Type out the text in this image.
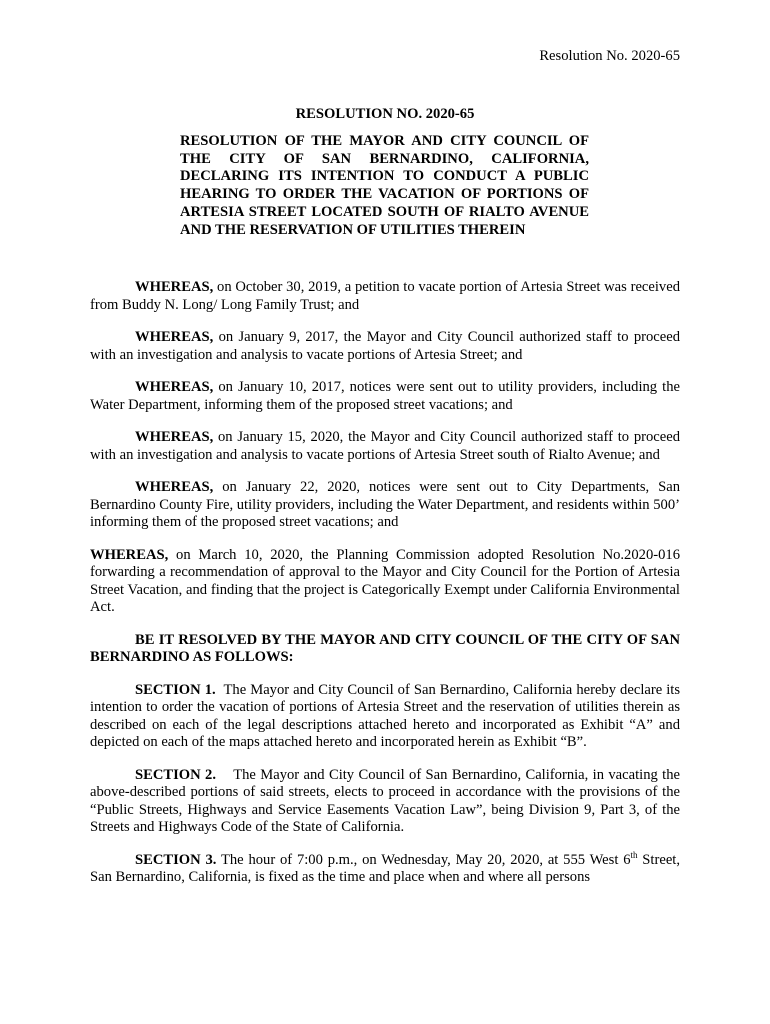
Resolution No. 2020-65
RESOLUTION NO. 2020-65
RESOLUTION OF THE MAYOR AND CITY COUNCIL OF THE CITY OF SAN BERNARDINO, CALIFORNIA, DECLARING ITS INTENTION TO CONDUCT A PUBLIC HEARING TO ORDER THE VACATION OF PORTIONS OF ARTESIA STREET LOCATED SOUTH OF RIALTO AVENUE AND THE RESERVATION OF UTILITIES THEREIN

WHEREAS, on October 30, 2019, a petition to vacate portion of Artesia Street was received from Buddy N. Long/ Long Family Trust; and

WHEREAS, on January 9, 2017, the Mayor and City Council authorized staff to proceed with an investigation and analysis to vacate portions of Artesia Street; and

WHEREAS, on January 10, 2017, notices were sent out to utility providers, including the Water Department, informing them of the proposed street vacations; and

WHEREAS, on January 15, 2020, the Mayor and City Council authorized staff to proceed with an investigation and analysis to vacate portions of Artesia Street south of Rialto Avenue; and

WHEREAS, on January 22, 2020, notices were sent out to City Departments, San Bernardino County Fire, utility providers, including the Water Department, and residents within 500’ informing them of the proposed street vacations; and

WHEREAS, on March 10, 2020, the Planning Commission adopted Resolution No.2020-016 forwarding a recommendation of approval to the Mayor and City Council for the Portion of Artesia Street Vacation, and finding that the project is Categorically Exempt under California Environmental Act.

BE IT RESOLVED BY THE MAYOR AND CITY COUNCIL OF THE CITY OF SAN BERNARDINO AS FOLLOWS:

SECTION 1.  The Mayor and City Council of San Bernardino, California hereby declare its intention to order the vacation of portions of Artesia Street and the reservation of utilities therein as described on each of the legal descriptions attached hereto and incorporated as Exhibit “A” and depicted on each of the maps attached hereto and incorporated herein as Exhibit “B”.

SECTION 2.    The Mayor and City Council of San Bernardino, California, in vacating the above-described portions of said streets, elects to proceed in accordance with the provisions of the “Public Streets, Highways and Service Easements Vacation Law”, being Division 9, Part 3, of the Streets and Highways Code of the State of California.

SECTION 3. The hour of 7:00 p.m., on Wednesday, May 20, 2020, at 555 West 6th Street, San Bernardino, California, is fixed as the time and place when and where all persons
